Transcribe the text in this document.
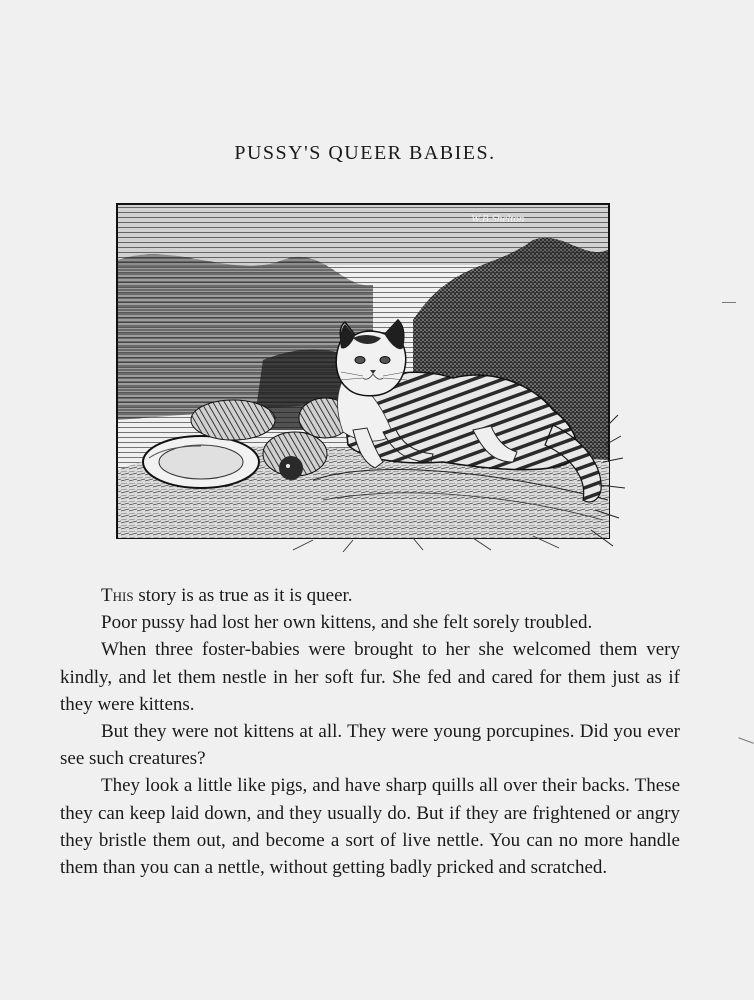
PUSSY'S QUEER BABIES.
W.B.Shelton

This story is as true as it is queer.

Poor pussy had lost her own kittens, and she felt sorely troubled.

When three foster-babies were brought to her she welcomed them very kindly, and let them nestle in her soft fur. She fed and cared for them just as if they were kittens.

But they were not kittens at all. They were young porcupines. Did you ever see such creatures?

They look a little like pigs, and have sharp quills all over their backs. These they can keep laid down, and they usually do. But if they are frightened or angry they bristle them out, and become a sort of live nettle. You can no more handle them than you can a nettle, without getting badly pricked and scratched.
